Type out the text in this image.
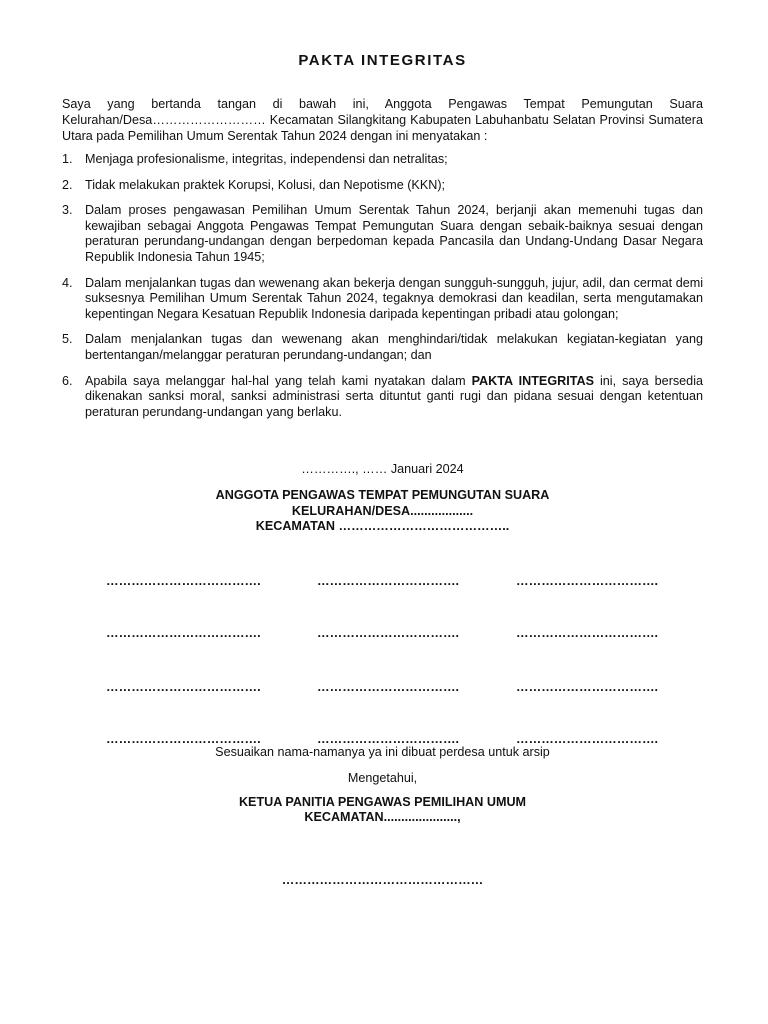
PAKTA INTEGRITAS

Saya yang bertanda tangan di bawah ini, Anggota Pengawas Tempat Pemungutan Suara Kelurahan/Desa……………………… Kecamatan Silangkitang Kabupaten Labuhanbatu Selatan Provinsi Sumatera Utara pada Pemilihan Umum Serentak Tahun 2024 dengan ini menyatakan :

1. Menjaga profesionalisme, integritas, independensi dan netralitas;
2. Tidak melakukan praktek Korupsi, Kolusi, dan Nepotisme (KKN);
3. Dalam proses pengawasan Pemilihan Umum Serentak Tahun 2024, berjanji akan memenuhi tugas dan kewajiban sebagai Anggota Pengawas Tempat Pemungutan Suara dengan sebaik-baiknya sesuai dengan peraturan perundang-undangan dengan berpedoman kepada Pancasila dan Undang-Undang Dasar Negara Republik Indonesia Tahun 1945;
4. Dalam menjalankan tugas dan wewenang akan bekerja dengan sungguh-sungguh, jujur, adil, dan cermat demi suksesnya Pemilihan Umum Serentak Tahun 2024, tegaknya demokrasi dan keadilan, serta mengutamakan kepentingan Negara Kesatuan Republik Indonesia daripada kepentingan pribadi atau golongan;
5. Dalam menjalankan tugas dan wewenang akan menghindari/tidak melakukan kegiatan-kegiatan yang bertentangan/melanggar peraturan perundang-undangan; dan
6. Apabila saya melanggar hal-hal yang telah kami nyatakan dalam PAKTA INTEGRITAS ini, saya bersedia dikenakan sanksi moral, sanksi administrasi serta dituntut ganti rugi dan pidana sesuai dengan ketentuan peraturan perundang-undangan yang berlaku.
…………., …… Januari 2024
ANGGOTA PENGAWAS TEMPAT PEMUNGUTAN SUARA
KELURAHAN/DESA..................
KECAMATAN …………………………………..
……………………………….	…………………………….	…………………………….
……………………………….	…………………………….	…………………………….
……………………………….	…………………………….	…………………………….
……………………………….	…………………………….	…………………………….
Sesuaikan nama-namanya ya ini dibuat perdesa untuk arsip
Mengetahui,
KETUA PANITIA PENGAWAS PEMILIHAN UMUM
KECAMATAN.....................,
…………………………………………
